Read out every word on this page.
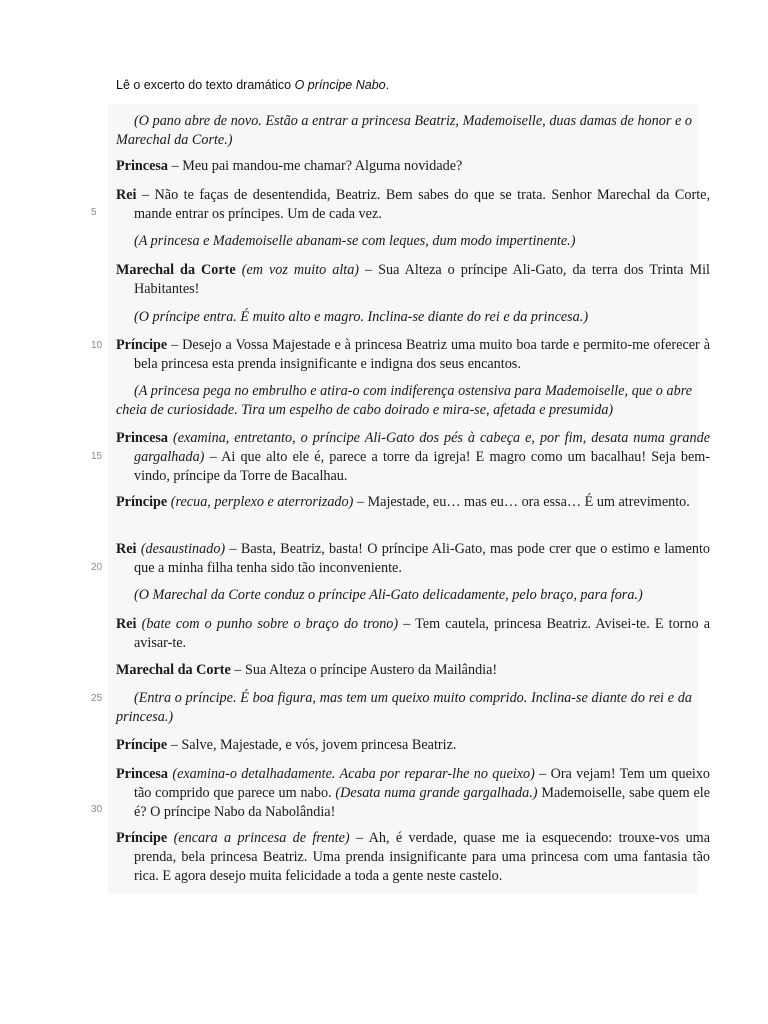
Lê o excerto do texto dramático O príncipe Nabo.
5
10
15
20
25
30
(O pano abre de novo. Estão a entrar a princesa Beatriz, Mademoiselle, duas damas de honor e o Marechal da Corte.)
Princesa – Meu pai mandou-me chamar? Alguma novidade?
Rei – Não te faças de desentendida, Beatriz. Bem sabes do que se trata. Senhor Marechal da Corte, mande entrar os príncipes. Um de cada vez.
(A princesa e Mademoiselle abanam-se com leques, dum modo impertinente.)
Marechal da Corte (em voz muito alta) – Sua Alteza o príncipe Ali-Gato, da terra dos Trinta Mil Habitantes!
(O príncipe entra. É muito alto e magro. Inclina-se diante do rei e da princesa.)
Príncipe – Desejo a Vossa Majestade e à princesa Beatriz uma muito boa tarde e permito-me oferecer à bela princesa esta prenda insignificante e indigna dos seus encantos.
(A princesa pega no embrulho e atira-o com indiferença ostensiva para Mademoiselle, que o abre cheia de curiosidade. Tira um espelho de cabo doirado e mira-se, afetada e presumida)
Princesa (examina, entretanto, o príncipe Ali-Gato dos pés à cabeça e, por fim, desata numa grande gargalhada) – Ai que alto ele é, parece a torre da igreja! E magro como um bacalhau! Seja bem-vindo, príncipe da Torre de Bacalhau.
Príncipe (recua, perplexo e aterrorizado) – Majestade, eu… mas eu… ora essa… É um atrevimento.
Rei (desaustinado) – Basta, Beatriz, basta! O príncipe Ali-Gato, mas pode crer que o estimo e lamento que a minha filha tenha sido tão inconveniente.
(O Marechal da Corte conduz o príncipe Ali-Gato delicadamente, pelo braço, para fora.)
Rei (bate com o punho sobre o braço do trono) – Tem cautela, princesa Beatriz. Avisei-te. E torno a avisar-te.
Marechal da Corte – Sua Alteza o príncipe Austero da Mailândia!
(Entra o príncipe. É boa figura, mas tem um queixo muito comprido. Inclina-se diante do rei e da princesa.)
Príncipe – Salve, Majestade, e vós, jovem princesa Beatriz.
Princesa (examina-o detalhadamente. Acaba por reparar-lhe no queixo) – Ora vejam! Tem um queixo tão comprido que parece um nabo. (Desata numa grande gargalhada.) Mademoiselle, sabe quem ele é? O príncipe Nabo da Nabolândia!
Príncipe (encara a princesa de frente) – Ah, é verdade, quase me ia esquecendo: trouxe-vos uma prenda, bela princesa Beatriz. Uma prenda insignificante para uma princesa com uma fantasia tão rica. E agora desejo muita felicidade a toda a gente neste castelo.
